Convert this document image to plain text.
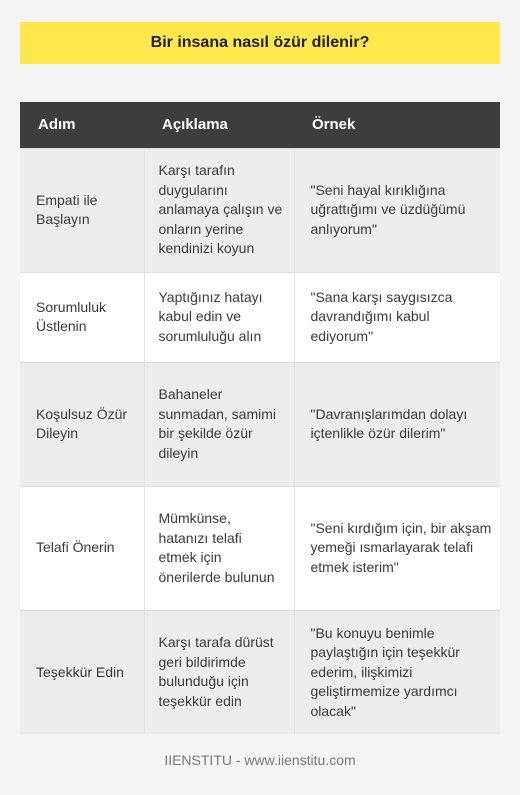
Bir insana nasıl özür dilenir?
Adım	Açıklama	Örnek
Empati ile Başlayın	Karşı tarafın duygularını anlamaya çalışın ve onların yerine kendinizi koyun	"Seni hayal kırıklığına uğrattığımı ve üzdüğümü anlıyorum"
Sorumluluk Üstlenin	Yaptığınız hatayı kabul edin ve sorumluluğu alın	"Sana karşı saygısızca davrandığımı kabul ediyorum"
Koşulsuz Özür Dileyin	Bahaneler sunmadan, samimi bir şekilde özür dileyin	"Davranışlarımdan dolayı içtenlikle özür dilerim"
Telafi Önerin	Mümkünse, hatanızı telafi etmek için önerilerde bulunun	"Seni kırdığım için, bir akşam yemeği ısmarlayarak telafi etmek isterim"
Teşekkür Edin	Karşı tarafa dürüst geri bildirimde bulunduğu için teşekkür edin	"Bu konuyu benimle paylaştığın için teşekkür ederim, ilişkimizi geliştirmemize yardımcı olacak"
IIENSTITU - www.iienstitu.com
